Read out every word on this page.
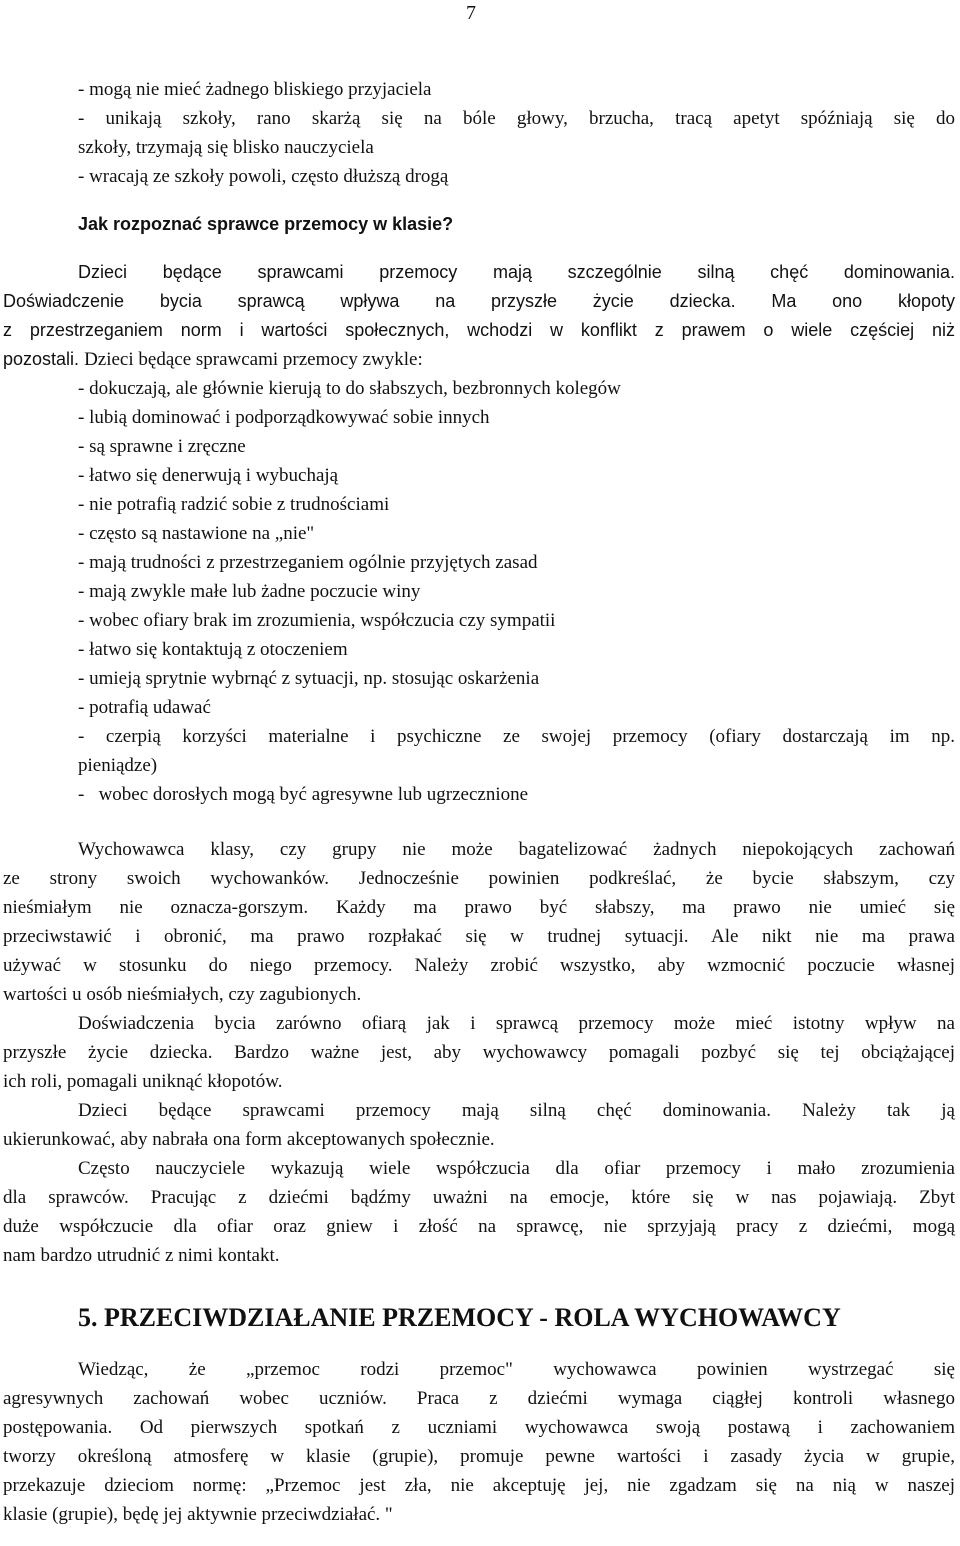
7
- mogą nie mieć żadnego bliskiego przyjaciela
- unikają szkoły, rano skarżą się na bóle głowy, brzucha, tracą apetyt spóźniają się do
szkoły, trzymają się blisko nauczyciela
- wracają ze szkoły powoli, często dłuższą drogą
Jak rozpoznać sprawce przemocy w klasie?
Dzieci będące sprawcami przemocy mają szczególnie silną chęć dominowania.
Doświadczenie bycia sprawcą wpływa na przyszłe życie dziecka. Ma ono kłopoty
z przestrzeganiem norm i wartości społecznych, wchodzi w konflikt z prawem o wiele częściej niż
pozostali. Dzieci będące sprawcami przemocy zwykle:
- dokuczają, ale głównie kierują to do słabszych, bezbronnych kolegów
- lubią dominować i podporządkowywać sobie innych
- są sprawne i zręczne
- łatwo się denerwują i wybuchają
- nie potrafią radzić sobie z trudnościami
- często są nastawione na „nie"
- mają trudności z przestrzeganiem ogólnie przyjętych zasad
- mają zwykle małe lub żadne poczucie winy
- wobec ofiary brak im zrozumienia, współczucia czy sympatii
- łatwo się kontaktują z otoczeniem
- umieją sprytnie wybrnąć z sytuacji, np. stosując oskarżenia
- potrafią udawać
- czerpią korzyści materialne i psychiczne ze swojej przemocy (ofiary dostarczają im np.
pieniądze)
-   wobec dorosłych mogą być agresywne lub ugrzecznione
Wychowawca klasy, czy grupy nie może bagatelizować żadnych niepokojących zachowań
ze strony swoich wychowanków. Jednocześnie powinien podkreślać, że bycie słabszym, czy
nieśmiałym nie oznacza-gorszym. Każdy ma prawo być słabszy, ma prawo nie umieć się
przeciwstawić i obronić, ma prawo rozpłakać się w trudnej sytuacji. Ale nikt nie ma prawa
używać w stosunku do niego przemocy. Należy zrobić wszystko, aby wzmocnić poczucie własnej
wartości u osób nieśmiałych, czy zagubionych.
Doświadczenia bycia zarówno ofiarą jak i sprawcą przemocy może mieć istotny wpływ na
przyszłe życie dziecka. Bardzo ważne jest, aby wychowawcy pomagali pozbyć się tej obciążającej
ich roli, pomagali uniknąć kłopotów.
Dzieci będące sprawcami przemocy mają silną chęć dominowania. Należy tak ją
ukierunkować, aby nabrała ona form akceptowanych społecznie.
Często nauczyciele wykazują wiele współczucia dla ofiar przemocy i mało zrozumienia
dla sprawców. Pracując z dziećmi bądźmy uważni na emocje, które się w nas pojawiają. Zbyt
duże współczucie dla ofiar oraz gniew i złość na sprawcę, nie sprzyjają pracy z dziećmi, mogą
nam bardzo utrudnić z nimi kontakt.
5. PRZECIWDZIAŁANIE PRZEMOCY - ROLA WYCHOWAWCY
Wiedząc, że „przemoc rodzi przemoc" wychowawca powinien wystrzegać się
agresywnych zachowań wobec uczniów. Praca z dziećmi wymaga ciągłej kontroli własnego
postępowania. Od pierwszych spotkań z uczniami wychowawca swoją postawą i zachowaniem
tworzy określoną atmosferę w klasie (grupie), promuje pewne wartości i zasady życia w grupie,
przekazuje dzieciom normę: „Przemoc jest zła, nie akceptuję jej, nie zgadzam się na nią w naszej
klasie (grupie), będę jej aktywnie przeciwdziałać. "
